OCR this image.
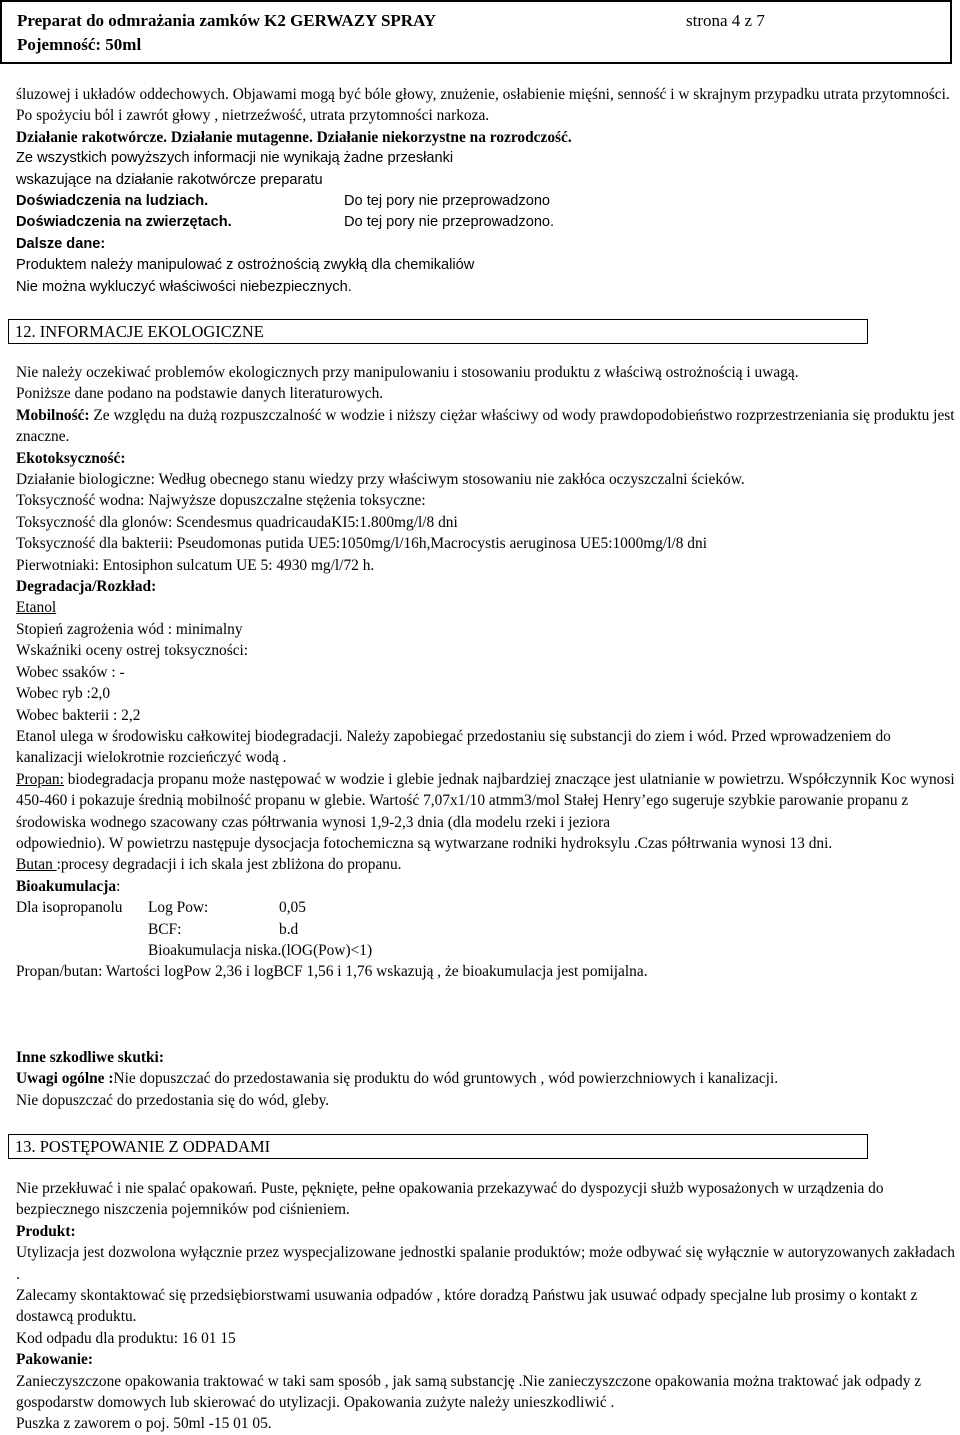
Preparat do odmrażania zamków K2 GERWAZY SPRAY	strona 4 z 7
Pojemność: 50ml
śluzowej i układów oddechowych. Objawami mogą być bóle głowy, znużenie, osłabienie mięśni, senność i w skrajnym przypadku utrata przytomności. Po spożyciu ból i zawrót głowy , nietrzeźwość, utrata przytomności narkoza.
Działanie rakotwórcze. Działanie mutagenne. Działanie niekorzystne na rozrodczość.
Ze wszystkich powyższych informacji nie wynikają żadne przesłanki
wskazujące na działanie rakotwórcze preparatu
Doświadczenia na ludziach.	Do tej pory nie przeprowadzono
Doświadczenia na zwierzętach.	Do tej pory nie przeprowadzono.
Dalsze dane:
Produktem należy manipulować z ostrożnością zwykłą dla chemikaliów
Nie można wykluczyć właściwości niebezpiecznych.
12. INFORMACJE EKOLOGICZNE
Nie należy oczekiwać problemów ekologicznych przy manipulowaniu i stosowaniu produktu z właściwą ostrożnością i uwagą.
Poniższe dane podano na podstawie danych literaturowych.
Mobilność: Ze względu na dużą rozpuszczalność w wodzie i niższy ciężar właściwy od wody prawdopodobieństwo rozprzestrzeniania się produktu jest znaczne.
Ekotoksyczność:
Działanie biologiczne: Według obecnego stanu wiedzy przy właściwym stosowaniu nie zakłóca oczyszczalni ścieków.
Toksyczność wodna: Najwyższe dopuszczalne stężenia toksyczne:
Toksyczność dla glonów: Scendesmus quadricaudaKI5:1.800mg/l/8 dni
Toksyczność dla bakterii: Pseudomonas putida UE5:1050mg/l/16h,Macrocystis aeruginosa UE5:1000mg/l/8 dni
Pierwotniaki: Entosiphon sulcatum UE 5: 4930 mg/l/72 h.
Degradacja/Rozkład:
Etanol
Stopień zagrożenia wód : minimalny
Wskaźniki oceny ostrej toksyczności:
Wobec ssaków : -
Wobec ryb :2,0
Wobec bakterii : 2,2
Etanol ulega w środowisku całkowitej biodegradacji. Należy zapobiegać przedostaniu się substancji do ziem i wód. Przed wprowadzeniem do kanalizacji wielokrotnie rozcieńczyć wodą .
Propan: biodegradacja propanu może następować w wodzie i glebie jednak najbardziej znaczące jest ulatnianie w powietrzu. Współczynnik Koc wynosi 450-460 i pokazuje średnią mobilność propanu w glebie. Wartość 7,07x1/10 atmm3/mol Stałej Henry’ego sugeruje szybkie parowanie propanu z środowiska wodnego szacowany czas półtrwania wynosi 1,9-2,3 dnia (dla modelu rzeki i jeziora
odpowiednio). W powietrzu następuje dysocjacja fotochemiczna są wytwarzane rodniki hydroksylu .Czas półtrwania wynosi 13 dni.
Butan :procesy degradacji i ich skala jest zbliżona do propanu.
Bioakumulacja:
Dla isopropanolu Log Pow:	0,05
BCF:	b.d
Bioakumulacja niska.(lOG(Pow)<1)
Propan/butan: Wartości logPow 2,36 i logBCF 1,56 i 1,76 wskazują , że bioakumulacja jest pomijalna.
Inne szkodliwe skutki:
Uwagi ogólne :Nie dopuszczać do przedostawania się produktu do wód gruntowych , wód powierzchniowych i kanalizacji.
Nie dopuszczać do przedostania się do wód, gleby.
13. POSTĘPOWANIE Z ODPADAMI
Nie przekłuwać i nie spalać opakowań. Puste, pęknięte, pełne opakowania przekazywać do dyspozycji służb wyposażonych w urządzenia do bezpiecznego niszczenia pojemników pod ciśnieniem.
Produkt:
Utylizacja jest dozwolona wyłącznie przez wyspecjalizowane jednostki spalanie produktów; może odbywać się wyłącznie w autoryzowanych zakładach .
Zalecamy skontaktować się przedsiębiorstwami usuwania odpadów , które doradzą Państwu jak usuwać odpady specjalne lub prosimy o kontakt z dostawcą produktu.
Kod odpadu dla produktu: 16 01 15
Pakowanie:
Zanieczyszczone opakowania traktować w taki sam sposób , jak samą substancję .Nie zanieczyszczone opakowania można traktować jak odpady z gospodarstw domowych lub skierować do utylizacji. Opakowania zużyte należy unieszkodliwić .
Puszka z zaworem o poj. 50ml -15 01 05.
